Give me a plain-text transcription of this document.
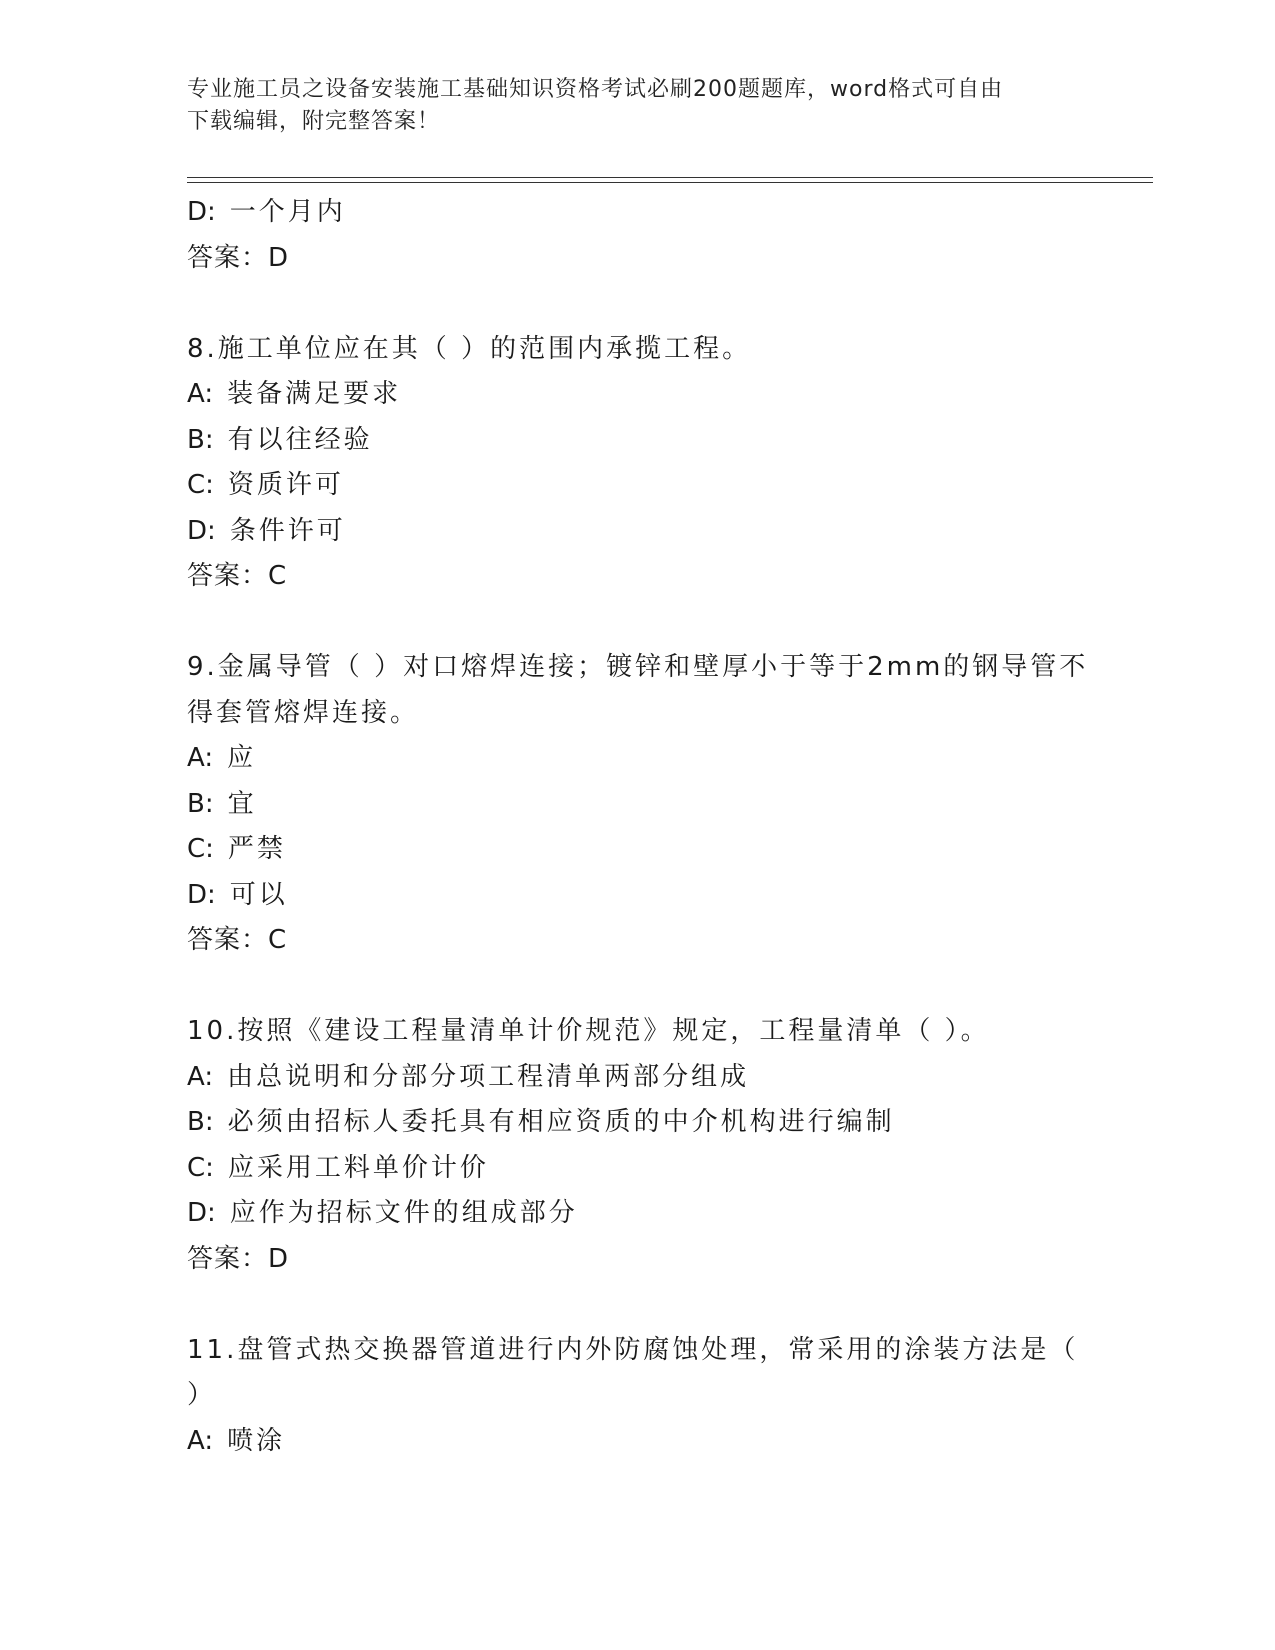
专业施工员之设备安装施工基础知识资格考试必刷200题题库，word格式可自由
下载编辑，附完整答案！
D: 一个月内
答案：D
8.施工单位应在其（ ）的范围内承揽工程。
A: 装备满足要求
B: 有以往经验
C: 资质许可
D: 条件许可
答案：C
9.金属导管（ ）对口熔焊连接；镀锌和壁厚小于等于2mm的钢导管不
得套管熔焊连接。
A: 应
B: 宜
C: 严禁
D: 可以
答案：C
10.按照《建设工程量清单计价规范》规定，工程量清单（ ）。
A: 由总说明和分部分项工程清单两部分组成
B: 必须由招标人委托具有相应资质的中介机构进行编制
C: 应采用工料单价计价
D: 应作为招标文件的组成部分
答案：D
11.盘管式热交换器管道进行内外防腐蚀处理，常采用的涂装方法是（
）
A: 喷涂
